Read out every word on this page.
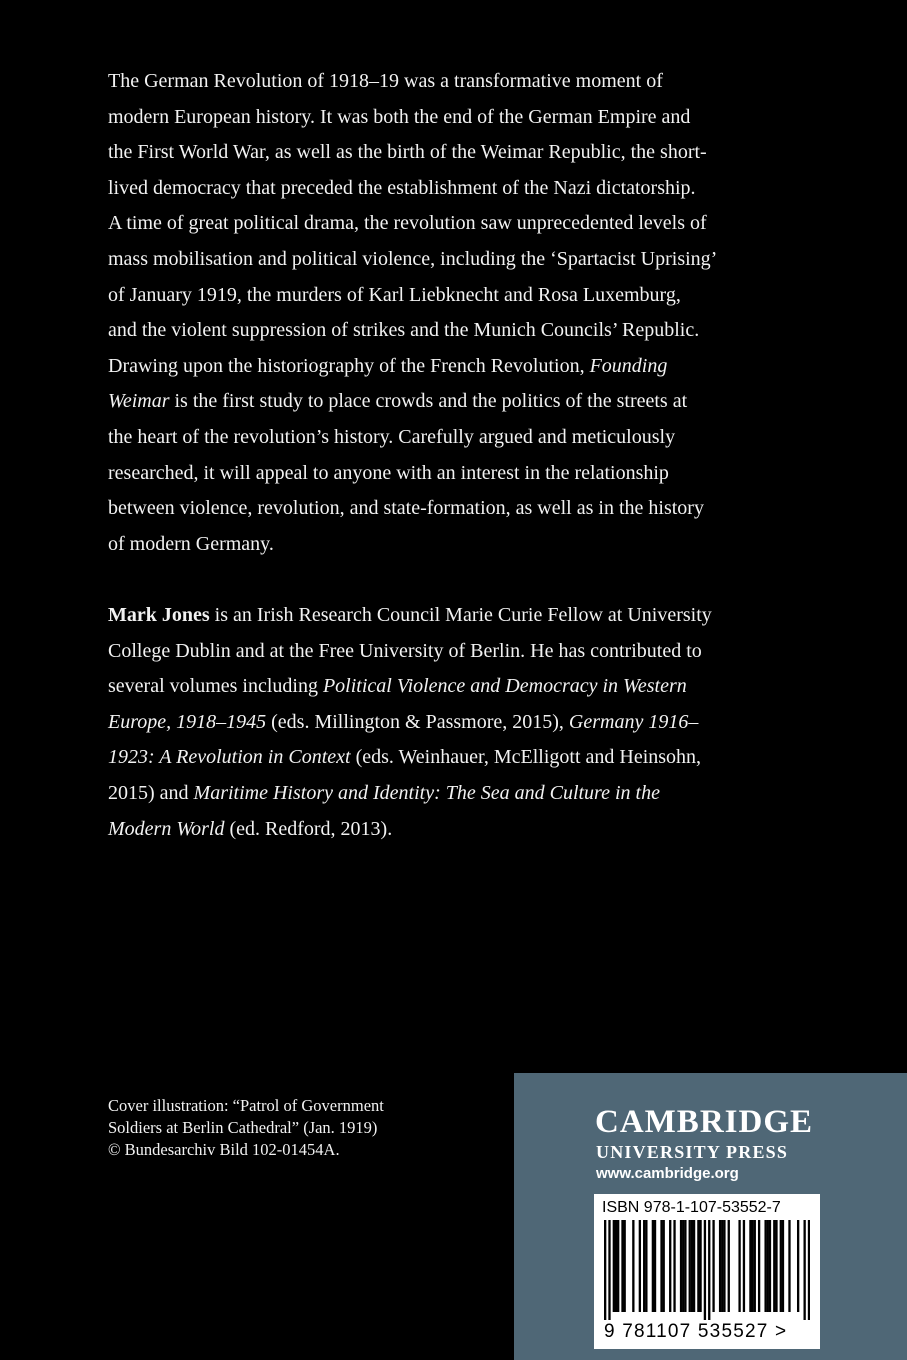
The German Revolution of 1918–19 was a transformative moment of
modern European history. It was both the end of the German Empire and
the First World War, as well as the birth of the Weimar Republic, the short-
lived democracy that preceded the establishment of the Nazi dictatorship.
A time of great political drama, the revolution saw unprecedented levels of
mass mobilisation and political violence, including the ‘Spartacist Uprising’
of January 1919, the murders of Karl Liebknecht and Rosa Luxemburg,
and the violent suppression of strikes and the Munich Councils’ Republic.
Drawing upon the historiography of the French Revolution, Founding
Weimar is the first study to place crowds and the politics of the streets at
the heart of the revolution’s history. Carefully argued and meticulously
researched, it will appeal to anyone with an interest in the relationship
between violence, revolution, and state-formation, as well as in the history
of modern Germany.
Mark Jones is an Irish Research Council Marie Curie Fellow at University
College Dublin and at the Free University of Berlin. He has contributed to
several volumes including Political Violence and Democracy in Western
Europe, 1918–1945 (eds. Millington & Passmore, 2015), Germany 1916–
1923: A Revolution in Context (eds. Weinhauer, McElligott and Heinsohn,
2015) and Maritime History and Identity: The Sea and Culture in the
Modern World (ed. Redford, 2013).
Cover illustration: “Patrol of Government
Soldiers at Berlin Cathedral” (Jan. 1919)
© Bundesarchiv Bild 102-01454A.
CAMBRIDGE
UNIVERSITY PRESS
www.cambridge.org
ISBN 978-1-107-53552-7
9 781107 535527 >
